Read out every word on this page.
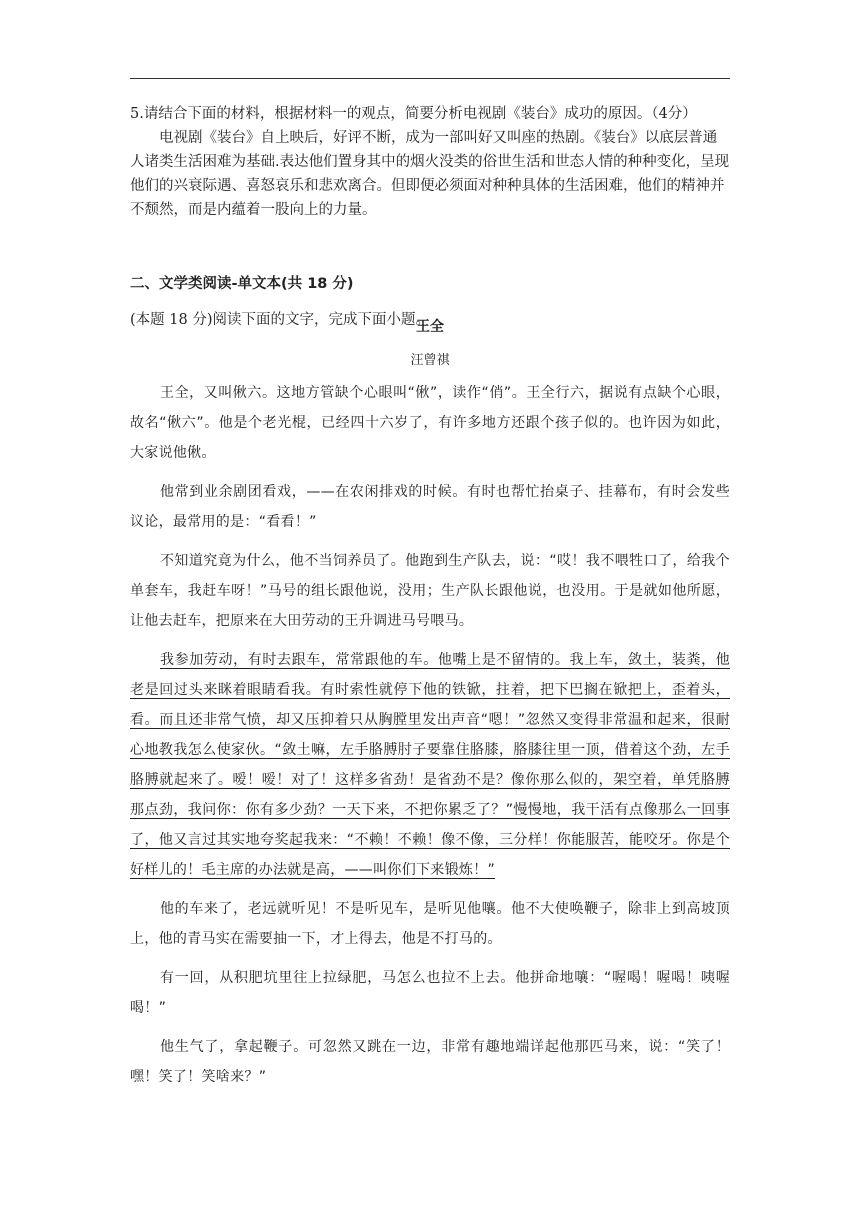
5.请结合下面的材料，根据材料一的观点，简要分析电视剧《装台》成功的原因。（4分）

电视剧《装台》自上映后，好评不断，成为一部叫好又叫座的热剧。《装台》以底层普通人诸类生活困难为基础.表达他们置身其中的烟火没类的俗世生活和世态人情的种种变化，呈现他们的兴衰际遇、喜怒哀乐和悲欢离合。但即便必须面对种种具体的生活困难，他们的精神并不颓然，而是内蕴着一股向上的力量。

二、文学类阅读-单文本(共 18 分)
(本题 18 分)阅读下面的文字，完成下面小题。
王全
汪曾祺

王全，又叫偢六。这地方管缺个心眼叫“偢”，读作“俏”。王全行六，据说有点缺个心眼，故名“偢六”。他是个老光棍，已经四十六岁了，有许多地方还跟个孩子似的。也许因为如此，大家说他偢。

他常到业余剧团看戏，——在农闲排戏的时候。有时也帮忙抬桌子、挂幕布，有时会发些议论，最常用的是：“看看！”

不知道究竟为什么，他不当饲养员了。他跑到生产队去，说：“哎！我不喂牲口了，给我个单套车，我赶车呀！”马号的组长跟他说，没用；生产队长跟他说，也没用。于是就如他所愿，让他去赶车，把原来在大田劳动的王升调进马号喂马。

我参加劳动，有时去跟车，常常跟他的车。他嘴上是不留情的。我上车，敛土，装粪，他老是回过头来眯着眼睛看我。有时索性就停下他的铁锨，拄着，把下巴搁在锨把上，歪着头，看。而且还非常气愤，却又压抑着只从胸膛里发出声音“嗯！”忽然又变得非常温和起来，很耐心地教我怎么使家伙。“敛土嘛，左手胳膊肘子要靠住胳膝，胳膝往里一顶，借着这个劲，左手胳膊就起来了。嗳！嗳！对了！这样多省劲！是省劲不是？像你那么似的，架空着，单凭胳膊那点劲，我问你：你有多少劲？一天下来，不把你累乏了？”慢慢地，我干活有点像那么一回事了，他又言过其实地夸奖起我来：“不赖！不赖！像不像，三分样！你能服苦，能咬牙。你是个好样儿的！毛主席的办法就是高，——叫你们下来锻炼！”

他的车来了，老远就听见！不是听见车，是听见他嚷。他不大使唤鞭子，除非上到高坡顶上，他的青马实在需要抽一下，才上得去，他是不打马的。

有一回，从积肥坑里往上拉绿肥，马怎么也拉不上去。他拼命地嚷：“喔喝！喔喝！咦喔喝！”

他生气了，拿起鞭子。可忽然又跳在一边，非常有趣地端详起他那匹马来，说：“笑了！嘿！笑了！笑啥来？”
